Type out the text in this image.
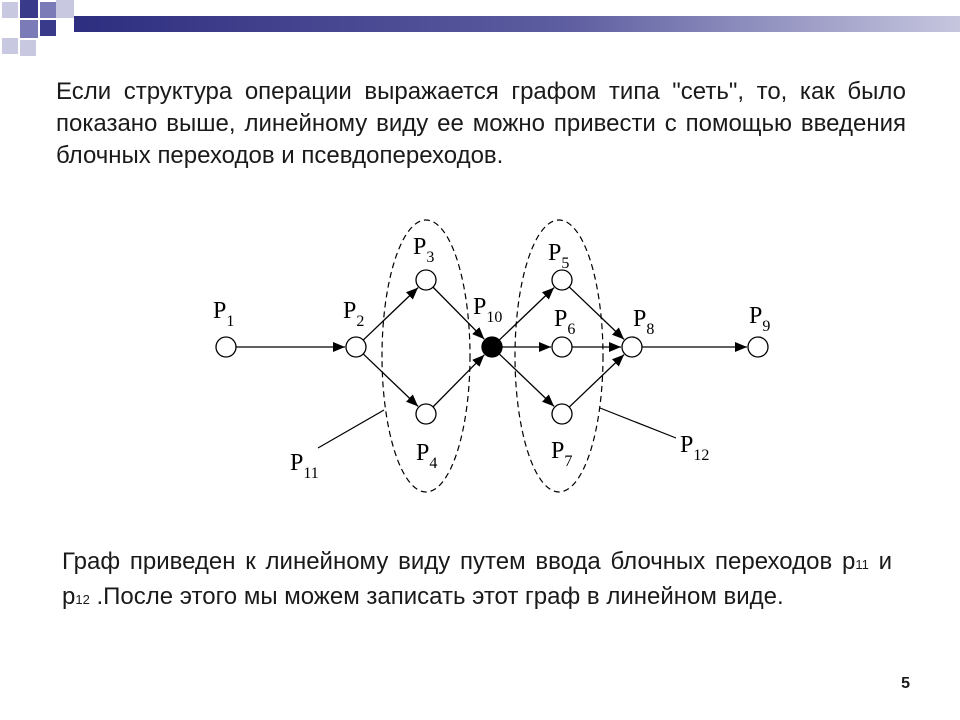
Если структура операции выражается графом типа "сеть", то, как было показано выше, линейному виду ее можно привести с помощью введения блочных переходов и псевдопереходов.

$P_1$	$P_2$
$P_3$
$P_4$
$P_{10}$
$P_5$
$P_6$
$P_7$
$P_8$
$P_9$
$P_{11}$
$P_{12}$

Граф приведен к линейному виду путем ввода блочных переходов р11 и р12 .После этого мы можем записать этот граф в линейном виде.

5
